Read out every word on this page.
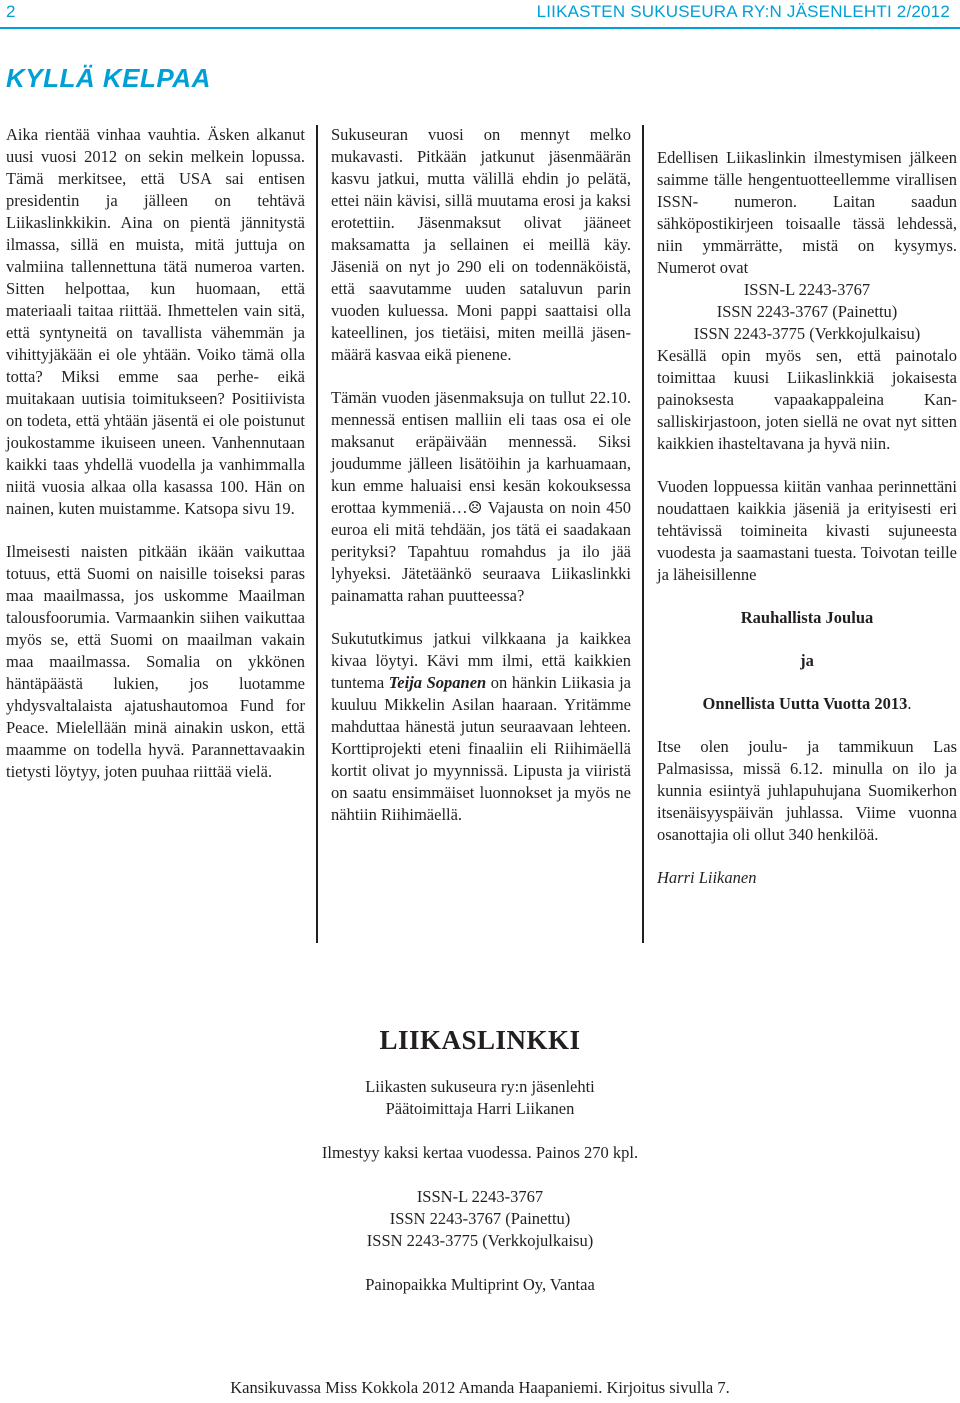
2	LIIKASTEN SUKUSEURA RY:N JÄSENLEHTI 2/2012
KYLLÄ KELPAA

Aika rientää vinhaa vauhtia. Äsken alkanut uusi vuosi 2012 on sekin melkein lopussa. Tämä merkitsee, että USA sai entisen presidentin ja jälleen on tehtävä Liikaslinkkikin. Aina on pientä jännitystä ilmassa, sillä en muista, mitä juttuja on valmiina tallennettuna tätä numeroa varten. Sitten helpottaa, kun huomaan, että materiaali taitaa riittää. Ihmettelen vain sitä, että syntyneitä on tavallista vähemmän ja vihittyjäkään ei ole yhtään. Voiko tämä olla totta? Miksi emme saa perhe- eikä muitakaan uutisia toimitukseen? Positiivista on todeta, että yhtään jäsentä ei ole poistunut joukostamme ikuiseen uneen. Vanhennutaan kaikki taas yhdellä vuodella ja vanhimmalla niitä vuosia alkaa olla kasassa 100. Hän on nainen, kuten muistamme. Katsopa sivu 19.

Ilmeisesti naisten pitkään ikään vaikuttaa totuus, että Suomi on naisille toiseksi paras maa maailmassa, jos uskomme Maailman talousfoorumia. Varmaankin siihen vaikuttaa myös se, että Suomi on maailman vakain maa maailmassa. Somalia on ykkönen häntäpäästä lukien, jos luotamme yhdysvaltalaista ajatushautomoa Fund for Peace. Mielellään minä ainakin uskon, että maamme on todella hyvä. Parannettavaakin tietysti löytyy, joten puuhaa riittää vielä.

Sukuseuran vuosi on mennyt melko mukavasti. Pitkään jatkunut jäsenmäärän kasvu jatkui, mutta välillä ehdin jo pelätä, ettei näin kävisi, sillä muutama erosi ja kaksi erotettiin. Jäsenmaksut olivat jääneet maksamatta ja sellainen ei meillä käy. Jäseniä on nyt jo 290 eli on todennäköistä, että saavutamme uuden sataluvun parin vuoden kuluessa. Moni pappi saattaisi olla kateellinen, jos tietäisi, miten meillä jäsenmäärä kasvaa eikä pienene.

Tämän vuoden jäsenmaksuja on tullut 22.10. mennessä entisen malliin eli taas osa ei ole maksanut eräpäivään mennessä. Siksi joudumme jälleen lisätöihin ja karhuamaan, kun emme haluaisi ensi kesän kokouksessa erottaa kymmeniä…☹ Vajausta on noin 450 euroa eli mitä tehdään, jos tätä ei saadakaan perityksi? Tapahtuu romahdus ja ilo jää lyhyeksi. Jätetäänkö seuraava Liikaslinkki painamatta rahan puutteessa?

Sukututkimus jatkui vilkkaana ja kaikkea kivaa löytyi. Kävi mm ilmi, että kaikkien tuntema Teija Sopanen on hänkin Liikasia ja kuuluu Mikkelin Asilan haaraan. Yritämme mahduttaa hänestä jutun seuraavaan lehteen. Korttiprojekti eteni finaaliin eli Riihimäellä kortit olivat jo myynnissä. Lipusta ja viiristä on saatu ensimmäiset luonnokset ja myös ne nähtiin Riihimäellä.

Edellisen Liikaslinkin ilmestymisen jälkeen saimme tälle hengentuotteellemme virallisen ISSN- numeron. Laitan saadun sähköpostikirjeen toisaalle tässä lehdessä, niin ymmärrätte, mistä on kysymys. Numerot ovat

ISSN-L 2243-3767
ISSN 2243-3767 (Painettu)
ISSN 2243-3775 (Verkkojulkaisu)

Kesällä opin myös sen, että painotalo toimittaa kuusi Liikaslinkkiä jokaisesta painoksesta vapaakappaleina Kansalliskirjastoon, joten siellä ne ovat nyt sitten kaikkien ihasteltavana ja hyvä niin.

Vuoden loppuessa kiitän vanhaa perinnettäni noudattaen kaikkia jäseniä ja erityisesti eri tehtävissä toimineita kivasti sujuneesta vuodesta ja saamastani tuesta. Toivotan teille ja läheisillenne

Rauhallista Joulua

ja

Onnellista Uutta Vuotta 2013.

Itse olen joulu- ja tammikuun Las Palmasissa, missä 6.12. minulla on ilo ja kunnia esiintyä juhlapuhujana Suomikerhon itsenäisyyspäivän juhlassa. Viime vuonna osanottajia oli ollut 340 henkilöä.

Harri Liikanen

LIIKASLINKKI

Liikasten sukuseura ry:n jäsenlehti

Päätoimittaja Harri Liikanen

Ilmestyy kaksi kertaa vuodessa. Painos 270 kpl.

ISSN-L 2243-3767

ISSN 2243-3767 (Painettu)

ISSN 2243-3775 (Verkkojulkaisu)

Painopaikka Multiprint Oy, Vantaa

Kansikuvassa Miss Kokkola 2012 Amanda Haapaniemi. Kirjoitus sivulla 7.
